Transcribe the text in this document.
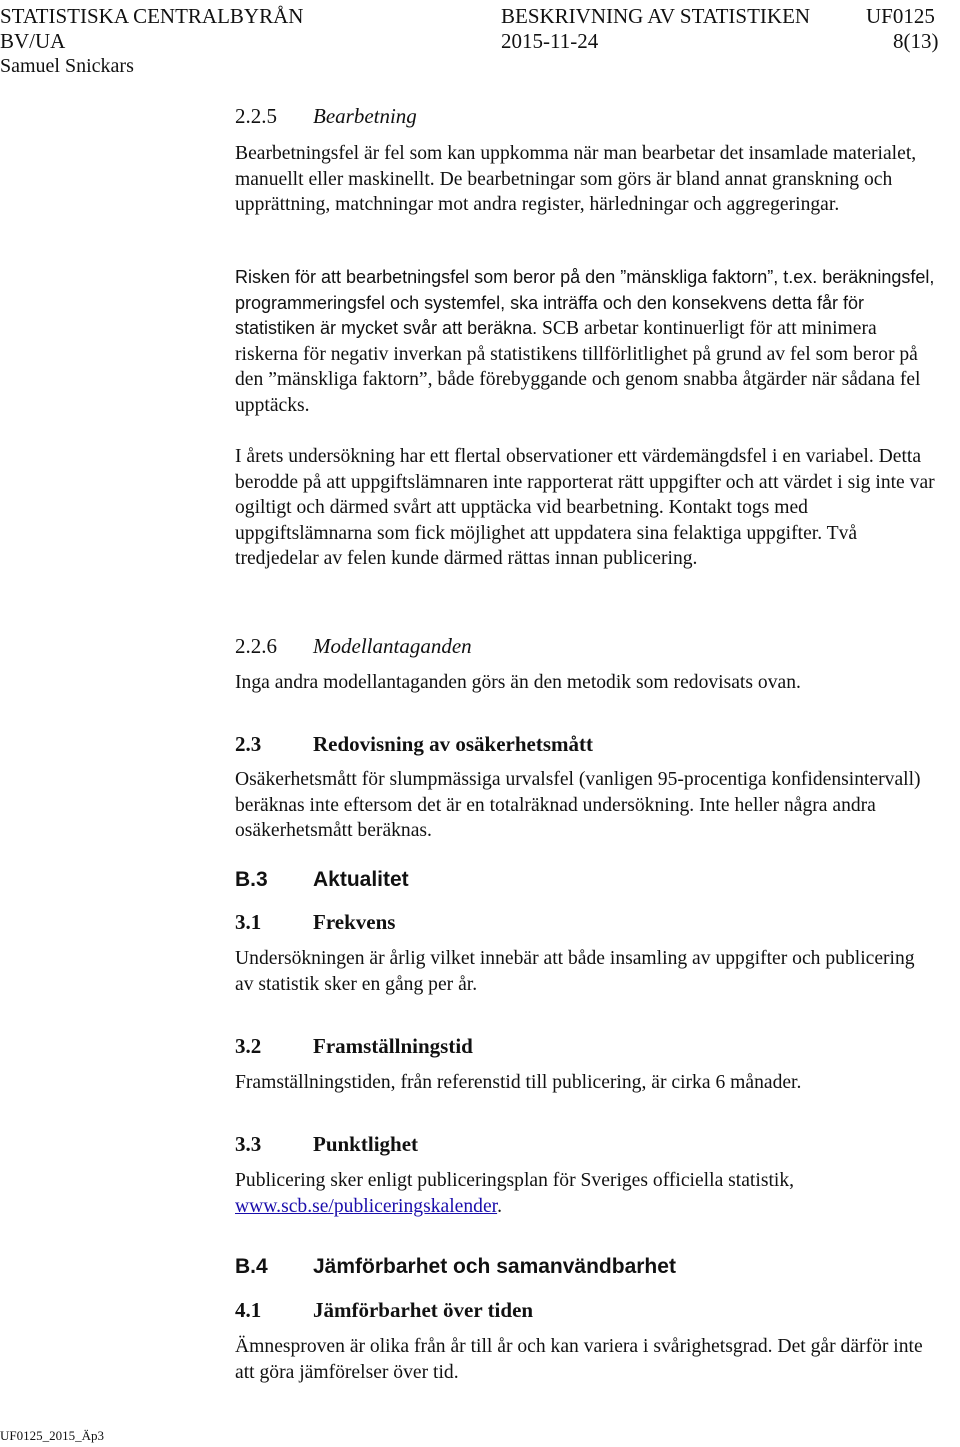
STATISTISKA CENTRALBYRÅN
BV/UA
Samuel Snickars
BESKRIVNING AV STATISTIKEN
2015-11-24
UF0125
8(13)
2.2.5 Bearbetning

Bearbetningsfel är fel som kan uppkomma när man bearbetar det insamlade materialet, manuellt eller maskinellt. De bearbetningar som görs är bland annat granskning och upprättning, matchningar mot andra register, härledningar och aggregeringar.

Risken för att bearbetningsfel som beror på den ”mänskliga faktorn”, t.ex. beräkningsfel, programmeringsfel och systemfel, ska inträffa och den konsekvens detta får för statistiken är mycket svår att beräkna. SCB arbetar kontinuerligt för att minimera riskerna för negativ inverkan på statistikens tillförlitlighet på grund av fel som beror på den ”mänskliga faktorn”, både förebyggande och genom snabba åtgärder när sådana fel upptäcks.

I årets undersökning har ett flertal observationer ett värdemängdsfel i en variabel. Detta berodde på att uppgiftslämnaren inte rapporterat rätt uppgifter och att värdet i sig inte var ogiltigt och därmed svårt att upptäcka vid bearbetning. Kontakt togs med uppgiftslämnarna som fick möjlighet att uppdatera sina felaktiga uppgifter. Två tredjedelar av felen kunde därmed rättas innan publicering.

2.2.6 Modellantaganden

Inga andra modellantaganden görs än den metodik som redovisats ovan.

2.3 Redovisning av osäkerhetsmått

Osäkerhetsmått för slumpmässiga urvalsfel (vanligen 95-procentiga konfidensintervall) beräknas inte eftersom det är en totalräknad undersökning. Inte heller några andra osäkerhetsmått beräknas.

B.3 Aktualitet
3.1 Frekvens

Undersökningen är årlig vilket innebär att både insamling av uppgifter och publicering av statistik sker en gång per år.

3.2 Framställningstid

Framställningstiden, från referenstid till publicering, är cirka 6 månader.

3.3 Punktlighet

Publicering sker enligt publiceringsplan för Sveriges officiella statistik, www.scb.se/publiceringskalender.

B.4 Jämförbarhet och samanvändbarhet
4.1 Jämförbarhet över tiden

Ämnesproven är olika från år till år och kan variera i svårighetsgrad. Det går därför inte att göra jämförelser över tid.

UF0125_2015_Äp3
